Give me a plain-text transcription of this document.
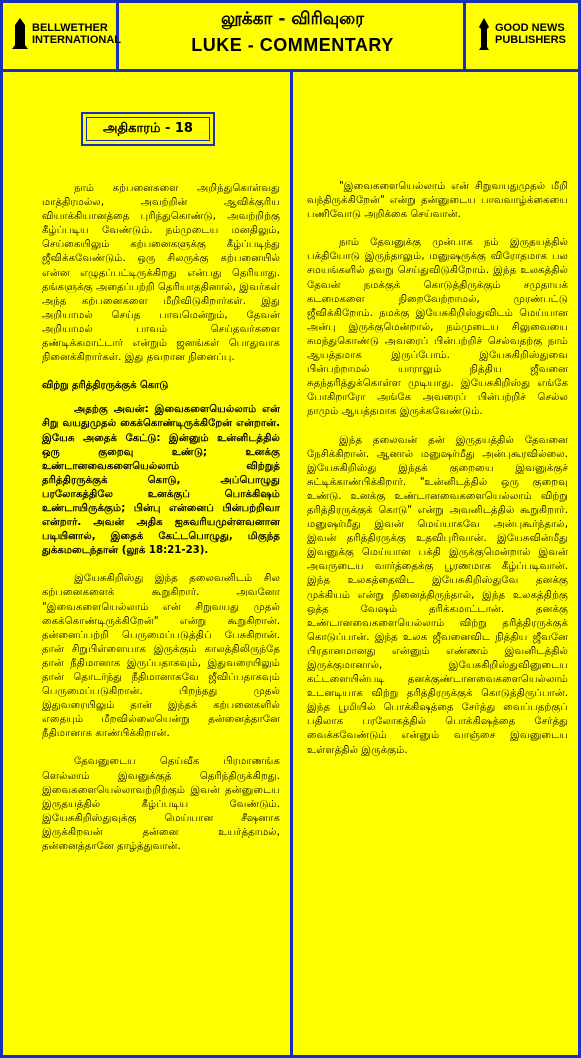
BELLWETHER
INTERNATIONAL
லூக்கா - விரிவுரை
LUKE - COMMENTARY
GOOD NEWS
PUBLISHERS
அதிகாரம் - 18

நாம் கற்பனைகளை அறிந்துகொள்வது மாத்திரமல்ல, அவற்றின் ஆவிக்குரிய வியாக்கியானத்தை புரிந்துகொண்டு, அவற்றிற்கு கீழ்ப்படிய வேண்டும். நம்முடைய மனதிலும், செய்கையிலும் கற்பனைகளுக்கு கீழ்ப்படிந்து ஜீவிக்கவேண்டும். ஒரு சிலருக்கு கற்பனையில் என்ன எழுதப்பட்டிருக்கிறது என்பது தெரியாது. தங்களுக்கு அதைப்பற்றி தெரியாததினால், இவர்கள் அந்த கற்பனைகளை மீறிவிடுகிறார்கள். இது அறியாமல் செய்த பாவமென்றும், தேவன் அறியாமல் பாவம் செய்தவர்களை தண்டிக்கமாட்டார் என்றும் ஜனங்கள் பொதுவாக நினைக்கிறார்கள். இது தவறான நினைப்பு.

விற்று தரித்திரருக்குக் கொடு

அதற்கு அவன்: இவைகளையெல்லாம் என் சிறு வயதுமுதல் கைக்கொண்டிருக்கிறேன் என்றான். இயேசு அதைக் கேட்டு: இன்னும் உன்னிடத்தில் ஒரு குறைவு உண்டு; உனக்கு உண்டானவைகளையெல்லாம் விற்றுத் தரித்திரருக்குக் கொடு, அப்பொழுது பரலோகத்திலே உனக்குப் பொக்கிஷம் உண்டாயிருக்கும்; பின்பு என்னைப் பின்பற்றிவா என்றார். அவன் அதிக ஐசுவரியமுள்ளவனான படியினால், இதைக் கேட்டபொழுது, மிகுந்த துக்கமடைந்தான் (லூக் 18:21-23).

இயேசுகிறிஸ்து இந்த தலைவனிடம் சில கற்பனைகளைக் கூறுகிறார். அவனோ "இவைகளையெல்லாம் என் சிறுவயது முதல் கைக்கொண்டிருக்கிறேன்" என்று கூறுகிறான். தன்னைப்பற்றி பெருமைப்படுத்திப் பேசுகிறான். தான் சிறுபிள்ளையாக இருக்கும் காலத்திலிருந்தே தான் நீதிமானாக இருப்பதாகவும், இதுவரையிலும் தான் தொடர்ந்து நீதிமானாகவே ஜீவிப்பதாகவும் பெருமைப்படுகிறான். பிறந்தது முதல் இதுவரையிலும் தான் இந்தக் கற்பனைகளில் எதையும் மீறவில்லையென்று தன்னைத்தானே நீதிமானாக காண்பிக்கிறான்.

தேவனுடைய தெய்வீக பிரமாணங்க ளெல்லாம் இவனுக்குத் தெரிந்திருக்கிறது. இவைகளையெல்லாவற்றிற்கும் இவன் தன்னுடைய இருதயத்தில் கீழ்ப்படிய வேண்டும். இயேசுகிறிஸ்துவுக்கு மெய்யான சீஷனாக இருக்கிறவன் தன்னை உயர்த்தாமல், தன்னைத்தானே தாழ்த்துவான்.

"இவைகளையெல்லாம் என் சிறுவயதுமுதல் மீறி வந்திருக்கிறேன்" என்று தன்னுடைய பாவவாழ்க்கையை பணிவோடு அறிக்கை செய்வான்.

நாம் தேவனுக்கு முன்பாக நம் இருதயத்தில் பக்தியோடு இருந்தாலும், மனுஷருக்கு விரோதமாக பல சமயங்களில் தவறு செய்துவிடுகிறோம். இந்த உலகத்தில் தேவன் நமக்குக் கொடுத்திருக்கும் சமுதாயக் கடமைகளை நிறைவேற்றாமல், முரண்பட்டு ஜீவிக்கிறோம். நமக்கு இயேசுகிறிஸ்துவிடம் மெய்யான அன்பு இருக்குமென்றால், நம்முடைய சிலுவையை சுமந்துகொண்டு அவரைப் பின்பற்றிச் செல்வதற்கு நாம் ஆயத்தமாக இருப்போம். இயேசுகிறிஸ்துவை பின்பற்றாமல் யாராலும் நித்திய ஜீவனை சுதந்தரித்துக்கொள்ள முடியாது. இயேசுகிறிஸ்து எங்கே போகிறாரோ அங்கே அவரைப் பின்பற்றிச் செல்ல நாமும் ஆயத்தமாக இருக்கவேண்டும்.

இந்த தலைவன் தன் இருதயத்தில் தேவனை நேசிக்கிறான். ஆனால் மனுஷர்மீது அன்புகூரவில்லை. இயேசுகிறிஸ்து இந்தக் குறையை இவனுக்குச் சுட்டிக்காண்பிக்கிறார். "உன்னிடத்தில் ஒரு குறைவு உண்டு. உனக்கு உண்டானவைகளையெல்லாம் விற்று தரித்திரருக்குக் கொடு" என்று அவனிடத்தில் கூறுகிறார். மனுஷர்மீது இவன் மெய்யாகவே அன்புகூர்ந்தால், இவன் தரித்திரருக்கு உதவிபுரிவான். இயேசுவின்மீது இவனுக்கு மெய்யான பக்தி இருக்குமென்றால் இவன் அவருடைய வார்த்தைக்கு பூரணமாக கீழ்ப்படிவான். இந்த உலகத்தைவிட இயேசுகிறிஸ்துவே தனக்கு முக்கியம் என்று நினைத்திருந்தால், இந்த உலகத்திற்கு ஒத்த வேஷம் தரிக்கமாட்டான். தனக்கு உண்டானவைகளையெல்லாம் விற்று தரித்திரருக்குக் கொடுப்பான். இந்த உலக ஜீவனைவிட நித்திய ஜீவனே பிரதானமானது என்னும் எண்ணம் இவனிடத்தில் இருக்குமானால், இயேசுகிறிஸ்துவினுடைய கட்டளையின்படி தனக்குண்டானவைகளையெல்லாம் உடனடியாக விற்று தரித்திரருக்குக் கொடுத்திருப்பான். இந்த பூமியில் பொக்கிஷத்தை சேர்த்து வைப்பதற்குப் பதிலாக பரலோகத்தில் பொக்கிஷத்தை சேர்த்து வைக்கவேண்டும் என்னும் வாஞ்சை இவனுடைய உள்ளத்தில் இருக்கும்.
